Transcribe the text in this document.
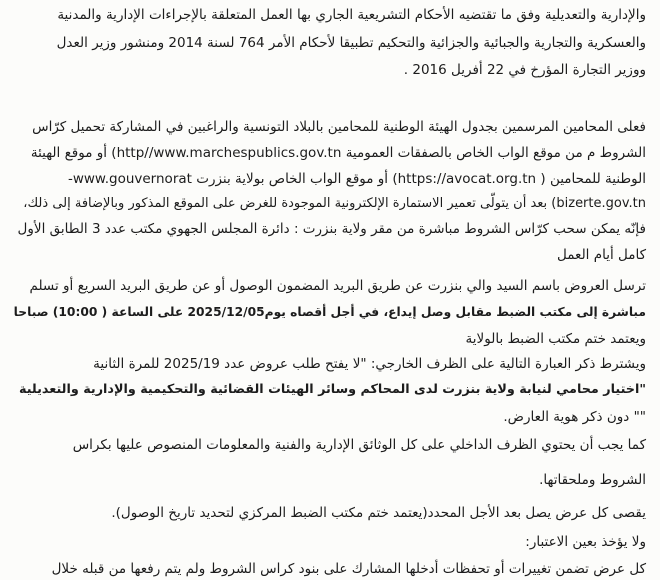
والإدارية والتعديلية وفق ما تقتضيه الأحكام التشريعية الجاري بها العمل المتعلقة بالإجراءات الإدارية والمدنية
والعسكرية والتجارية والجبائية والجزائية والتحكيم تطبيقا لأحكام الأمر 764 لسنة 2014 ومنشور وزير العدل
ووزير التجارة المؤرخ في 22 أفريل 2016 .
فعلى المحامين المرسمين بجدول الهيئة الوطنية للمحامين بالبلاد التونسية والراغبين في المشاركة تحميل كرّاس
الشروط م من موقع الواب الخاص بالصفقات العمومية http//www.marchespublics.gov.tn) أو موقع الهيئة
الوطنية للمحامين ( https://avocat.org.tn) أو موقع الواب الخاص بولاية بنزرت www.gouvernorat-
bizerte.gov.tn) بعد أن يتولّى تعمير الاستمارة الإلكترونية الموجودة للغرض على الموقع المذكور وبالإضافة إلى ذلك،
فإنّه يمكن سحب كرّاس الشروط مباشرة من مقر ولاية بنزرت : دائرة المجلس الجهوي مكتب عدد 3 الطابق الأول
كامل أيام العمل
ترسل العروض باسم السيد والي بنزرت عن طريق البريد المضمون الوصول أو عن طريق البريد السريع أو تسلم
مباشرة إلى مكتب الضبط مقابل وصل إيداع، في أجل أقصاه يوم2025/12/05 على الساعة ( 10:00) صباحا
ويعتمد ختم مكتب الضبط بالولاية
ويشترط ذكر العبارة التالية على الظرف الخارجي: "لا يفتح طلب عروض عدد 2025/19 للمرة الثانية
"اختيار محامي لنيابة ولاية بنزرت لدى المحاكم وسائر الهيئات القضائية والتحكيمية والإدارية والتعديلية
"" دون ذكر هوية العارض.
كما يجب أن يحتوي الظرف الداخلي على كل الوثائق الإدارية والفنية والمعلومات المنصوص عليها بكراس
الشروط وملحقاتها.
يقصى كل عرض يصل بعد الأجل المحدد(يعتمد ختم مكتب الضبط المركزي لتحديد تاريخ الوصول).
ولا يؤخذ بعين الاعتبار:
كل عرض تضمن تغييرات أو تحفظات أدخلها المشارك على بنود كراس الشروط ولم يتم رفعها من قبله خلال
